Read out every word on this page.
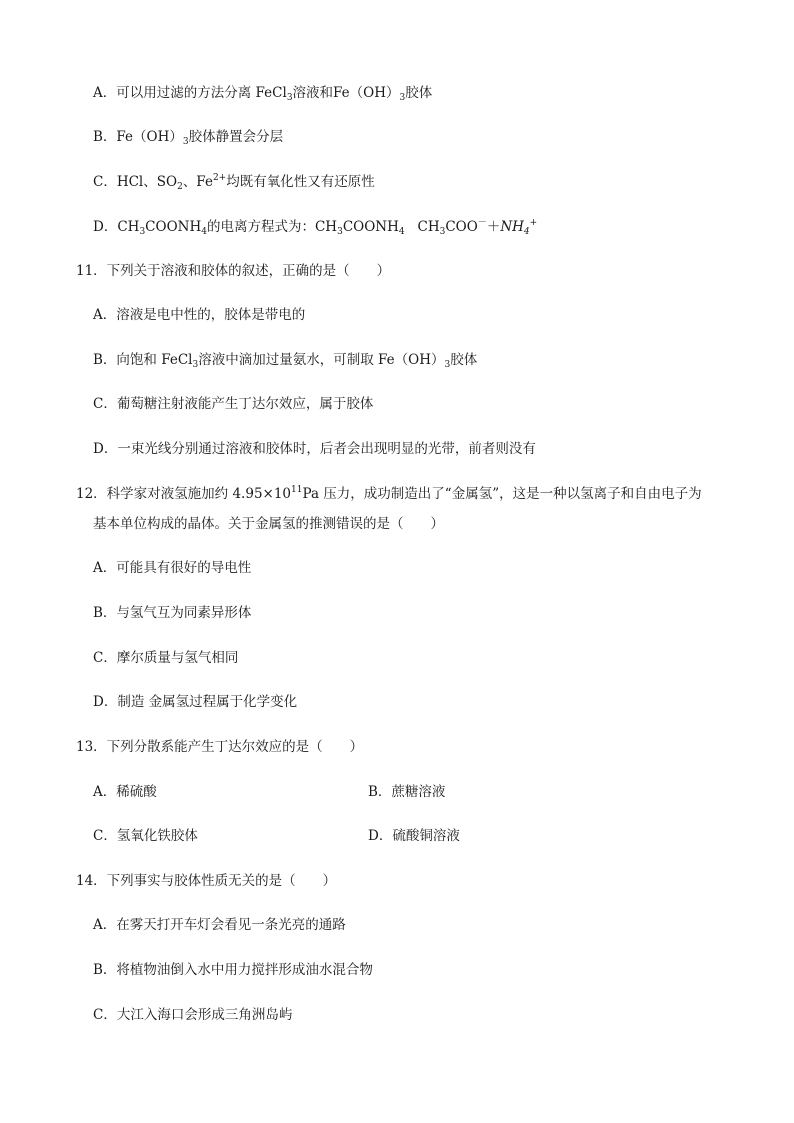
A．可以用过滤的方法分离 FeCl$_3$溶液和$Fe(OH)_3$胶体
B．$Fe(OH)_3$胶体静置会分层
C．HCl、$SO_2$、$Fe^{2+}$均既有氧化性又有还原性
D．$CH_3COONH_4$的电离方程式为：$CH_3COONH_4$   $CH_3COO^-+NH_4^+$
11．下列关于溶液和胶体的叙述，正确的是（　　）
A．溶液是电中性的，胶体是带电的
B．向饱和 FeCl$_3$溶液中滴加过量氨水，可制取 $Fe(OH)_3$胶体
C．葡萄糖注射液能产生丁达尔效应，属于胶体
D．一束光线分别通过溶液和胶体时，后者会出现明显的光带，前者则没有
12．科学家对液氢施加约 $4.95\times 10^{11}Pa$ 压力，成功制造出了“金属氢”，这是一种以氢离子和自由电子为
基本单位构成的晶体。关于金属氢的推测错误的是（　　）
A．可能具有很好的导电性
B．与氢气互为同素异形体
C．摩尔质量与氢气相同
D．制造 金属氢过程属于化学变化
13．下列分散系能产生丁达尔效应的是（　　）
A．稀硫酸	B．蔗糖溶液
C．氢氧化铁胶体	D．硫酸铜溶液
14．下列事实与胶体性质无关的是（　　）
A．在雾天打开车灯会看见一条光亮的通路
B．将植物油倒入水中用力搅拌形成油水混合物
C．大江入海口会形成三角洲岛屿
